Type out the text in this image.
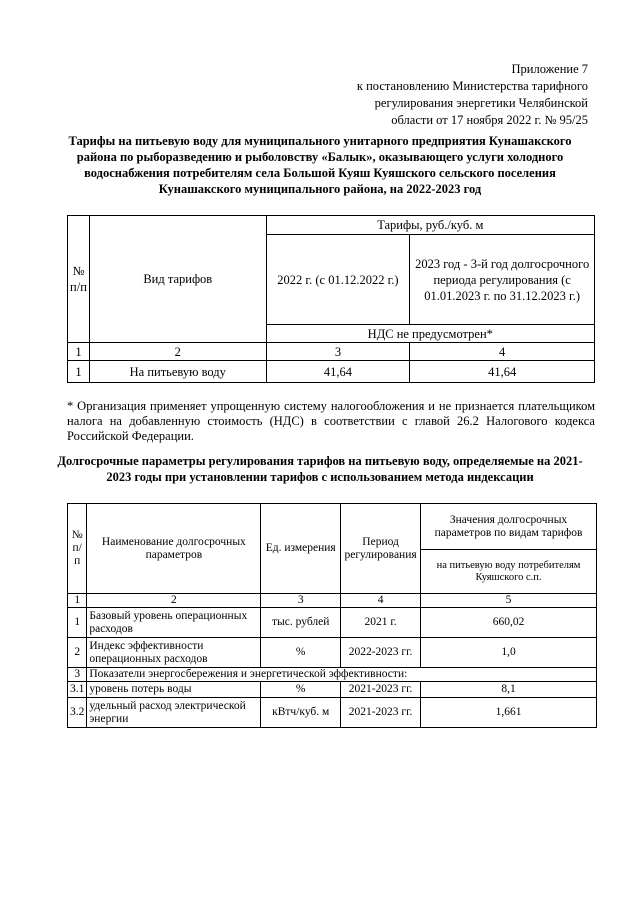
Приложение 7
к постановлению Министерства тарифного
регулирования энергетики Челябинской
области от 17 ноября 2022 г. № 95/25
Тарифы на питьевую воду для муниципального унитарного предприятия Кунашакского района по рыборазведению и рыболовству «Балык», оказывающего услуги холодного водоснабжения потребителям села Большой Куяш Куяшского сельского поселения Кунашакского муниципального района, на 2022-2023 год
№ п/п	Вид тарифов	Тарифы, руб./куб. м	
		2022 г. (с 01.12.2022 г.)	2023 год - 3-й год долгосрочного периода регулирования (с 01.01.2023 г. по 31.12.2023 г.)
		НДС не предусмотрен*	
1	2	3	4
1	На питьевую воду	41,64	41,64
* Организация применяет упрощенную систему налогообложения и не признается плательщиком налога на добавленную стоимость (НДС) в соответствии с главой 26.2 Налогового кодекса Российской Федерации.
Долгосрочные параметры регулирования тарифов на питьевую воду, определяемые на 2021-2023 годы при установлении тарифов с использованием метода индексации
№ п/п	Наименование долгосрочных параметров	Ед. измерения	Период регулирования	Значения долгосрочных параметров по видам тарифов
				на питьевую воду потребителям Куяшского с.п.
1	2	3	4	5
1	Базовый уровень операционных расходов	тыс. рублей	2021 г.	660,02
2	Индекс эффективности операционных расходов	%	2022-2023 гг.	1,0
3	Показатели энергосбережения и энергетической эффективности:			
3.1	уровень потерь воды	%	2021-2023 гг.	8,1
3.2	удельный расход электрической энергии	кВтч/куб. м	2021-2023 гг.	1,661
